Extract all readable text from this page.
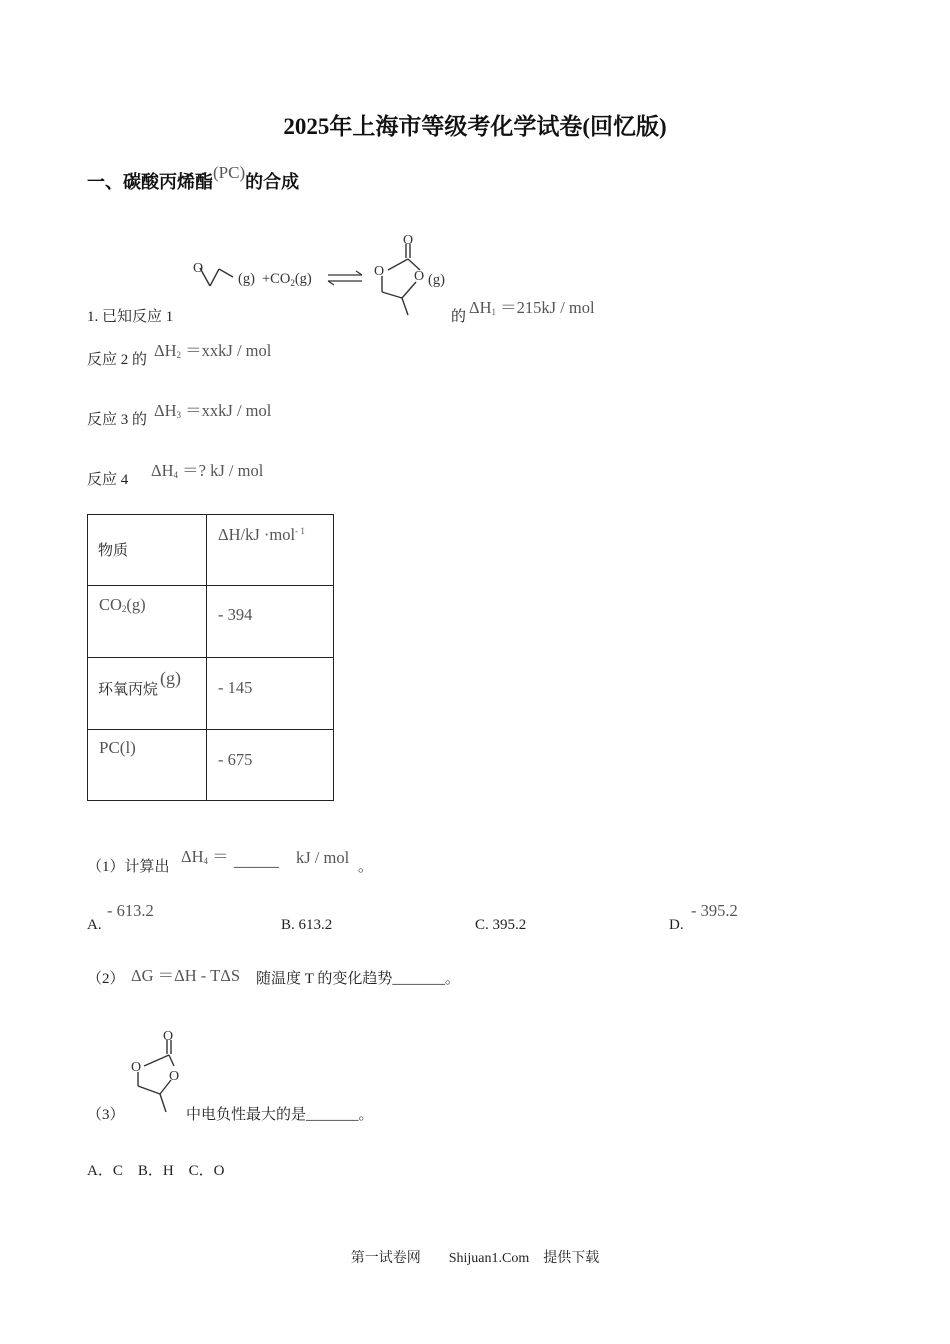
2025年上海市等级考化学试卷(回忆版)
一、碳酸丙烯酯(PC)的合成
O
$(g) +CO_2(g)$
O
O O (g)
1. 已知反应 1	的 $\Delta H_1 =215kJ$ / mol
反应 2 的 $\Delta H_2$ ＝xxkJ / mol
反应 3 的 $\Delta H_3$ ＝xxkJ / mol
反应 4 $\Delta H_4$ ＝? kJ / mol
物质	ΔH/kJ ·mol$^{- 1}$

$CO_2(g)$	- 394

环氧丙烷(g)	- 145

PC(l)	- 675
（1）计算出
$\Delta H_4$ ＝ ______ kJ / mol 。
A.
- 613.2
B. 613.2	C. 395.2	D.
- 395.2
（2） ΔG ＝ΔH - TΔS 随温度 T 的变化趋势_______。
O
O
O
（3）	中电负性最大的是_______。
A．C    B．H    C．O
第一试卷网　　Shijuan1.Com　提供下载
